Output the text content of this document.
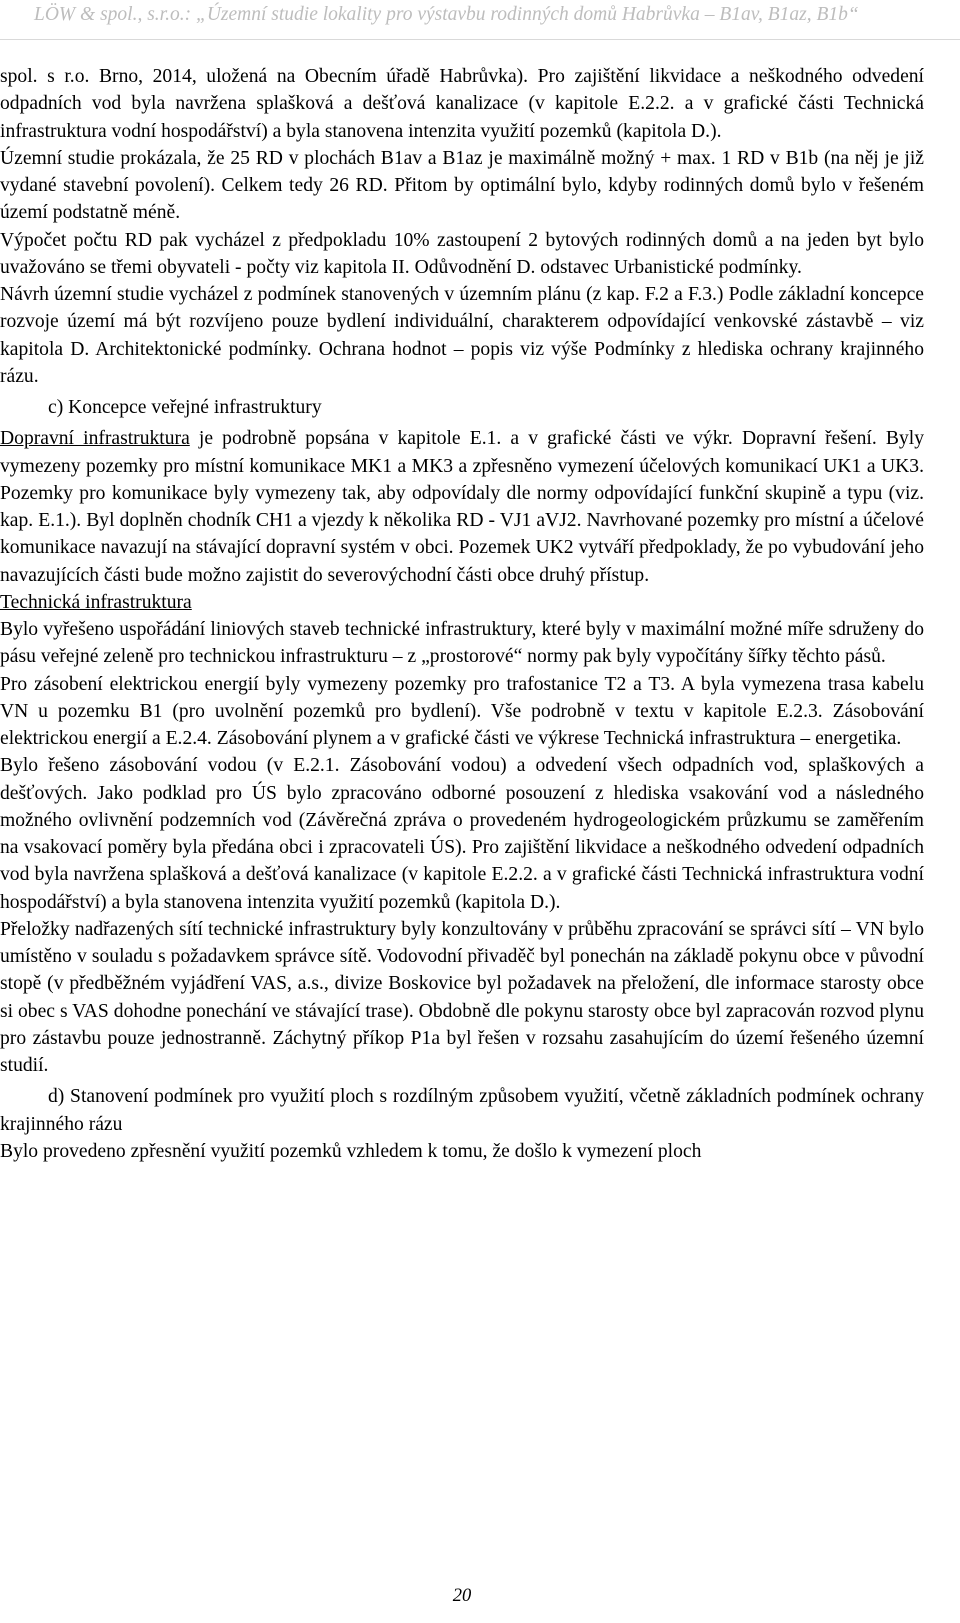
LÖW & spol., s.r.o.: „Územní studie lokality pro výstavbu rodinných domů Habrůvka – B1av, B1az, B1b“

spol. s r.o. Brno, 2014, uložená na Obecním úřadě Habrůvka). Pro zajištění likvidace a neškodného odvedení odpadních vod byla navržena splašková a dešťová kanalizace (v kapitole E.2.2. a v grafické části Technická infrastruktura vodní hospodářství) a byla stanovena intenzita využití pozemků (kapitola D.).

Územní studie prokázala, že 25 RD v plochách B1av a B1az je maximálně možný + max. 1 RD v B1b (na něj je již vydané stavební povolení). Celkem tedy 26 RD. Přitom by optimální bylo, kdyby rodinných domů bylo v řešeném území podstatně méně.

Výpočet počtu RD pak vycházel z předpokladu 10% zastoupení 2 bytových rodinných domů a na jeden byt bylo uvažováno se třemi obyvateli - počty viz kapitola II. Odůvodnění D. odstavec Urbanistické podmínky.

Návrh územní studie vycházel z podmínek stanovených v územním plánu (z kap. F.2 a F.3.) Podle základní koncepce rozvoje území má být rozvíjeno pouze bydlení individuální, charakterem odpovídající venkovské zástavbě – viz kapitola D. Architektonické podmínky. Ochrana hodnot – popis viz výše Podmínky z hlediska ochrany krajinného rázu.

c) Koncepce veřejné infrastruktury

Dopravní infrastruktura je podrobně popsána v kapitole E.1. a v grafické části ve výkr. Dopravní řešení. Byly vymezeny pozemky pro místní komunikace MK1 a MK3 a zpřesněno vymezení účelových komunikací UK1 a UK3. Pozemky pro komunikace byly vymezeny tak, aby odpovídaly dle normy odpovídající funkční skupině a typu (viz. kap. E.1.). Byl doplněn chodník CH1 a vjezdy k několika RD - VJ1 aVJ2. Navrhované pozemky pro místní a účelové komunikace navazují na stávající dopravní systém v obci. Pozemek UK2 vytváří předpoklady, že po vybudování jeho navazujících části bude možno zajistit do severovýchodní části obce druhý přístup.

Technická infrastruktura

Bylo vyřešeno uspořádání liniových staveb technické infrastruktury, které byly v maximální možné míře sdruženy do pásu veřejné zeleně pro technickou infrastrukturu – z „prostorové“ normy pak byly vypočítány šířky těchto pásů.

Pro zásobení elektrickou energií byly vymezeny pozemky pro trafostanice T2 a T3. A byla vymezena trasa kabelu VN u pozemku B1 (pro uvolnění pozemků pro bydlení). Vše podrobně v textu v kapitole E.2.3. Zásobování elektrickou energií a E.2.4. Zásobování plynem a v grafické části ve výkrese Technická infrastruktura – energetika.

Bylo řešeno zásobování vodou (v E.2.1. Zásobování vodou) a odvedení všech odpadních vod, splaškových a dešťových. Jako podklad pro ÚS bylo zpracováno odborné posouzení z hlediska vsakování vod a následného možného ovlivnění podzemních vod (Závěrečná zpráva o provedeném hydrogeologickém průzkumu se zaměřením na vsakovací poměry byla předána obci i zpracovateli ÚS). Pro zajištění likvidace a neškodného odvedení odpadních vod byla navržena splašková a dešťová kanalizace (v kapitole E.2.2. a v grafické části Technická infrastruktura vodní hospodářství) a byla stanovena intenzita využití pozemků (kapitola D.).

Přeložky nadřazených sítí technické infrastruktury byly konzultovány v průběhu zpracování se správci sítí – VN bylo umístěno v souladu s požadavkem správce sítě. Vodovodní přivaděč byl ponechán na základě pokynu obce v původní stopě (v předběžném vyjádření VAS, a.s., divize Boskovice byl požadavek na přeložení, dle informace starosty obce si obec s VAS dohodne ponechání ve stávající trase). Obdobně dle pokynu starosty obce byl zapracován rozvod plynu pro zástavbu pouze jednostranně. Záchytný příkop P1a byl řešen v rozsahu zasahujícím do území řešeného územní studií.

d) Stanovení podmínek pro využití ploch s rozdílným způsobem využití, včetně základních podmínek ochrany krajinného rázu

Bylo provedeno zpřesnění využití pozemků vzhledem k tomu, že došlo k vymezení ploch

20
